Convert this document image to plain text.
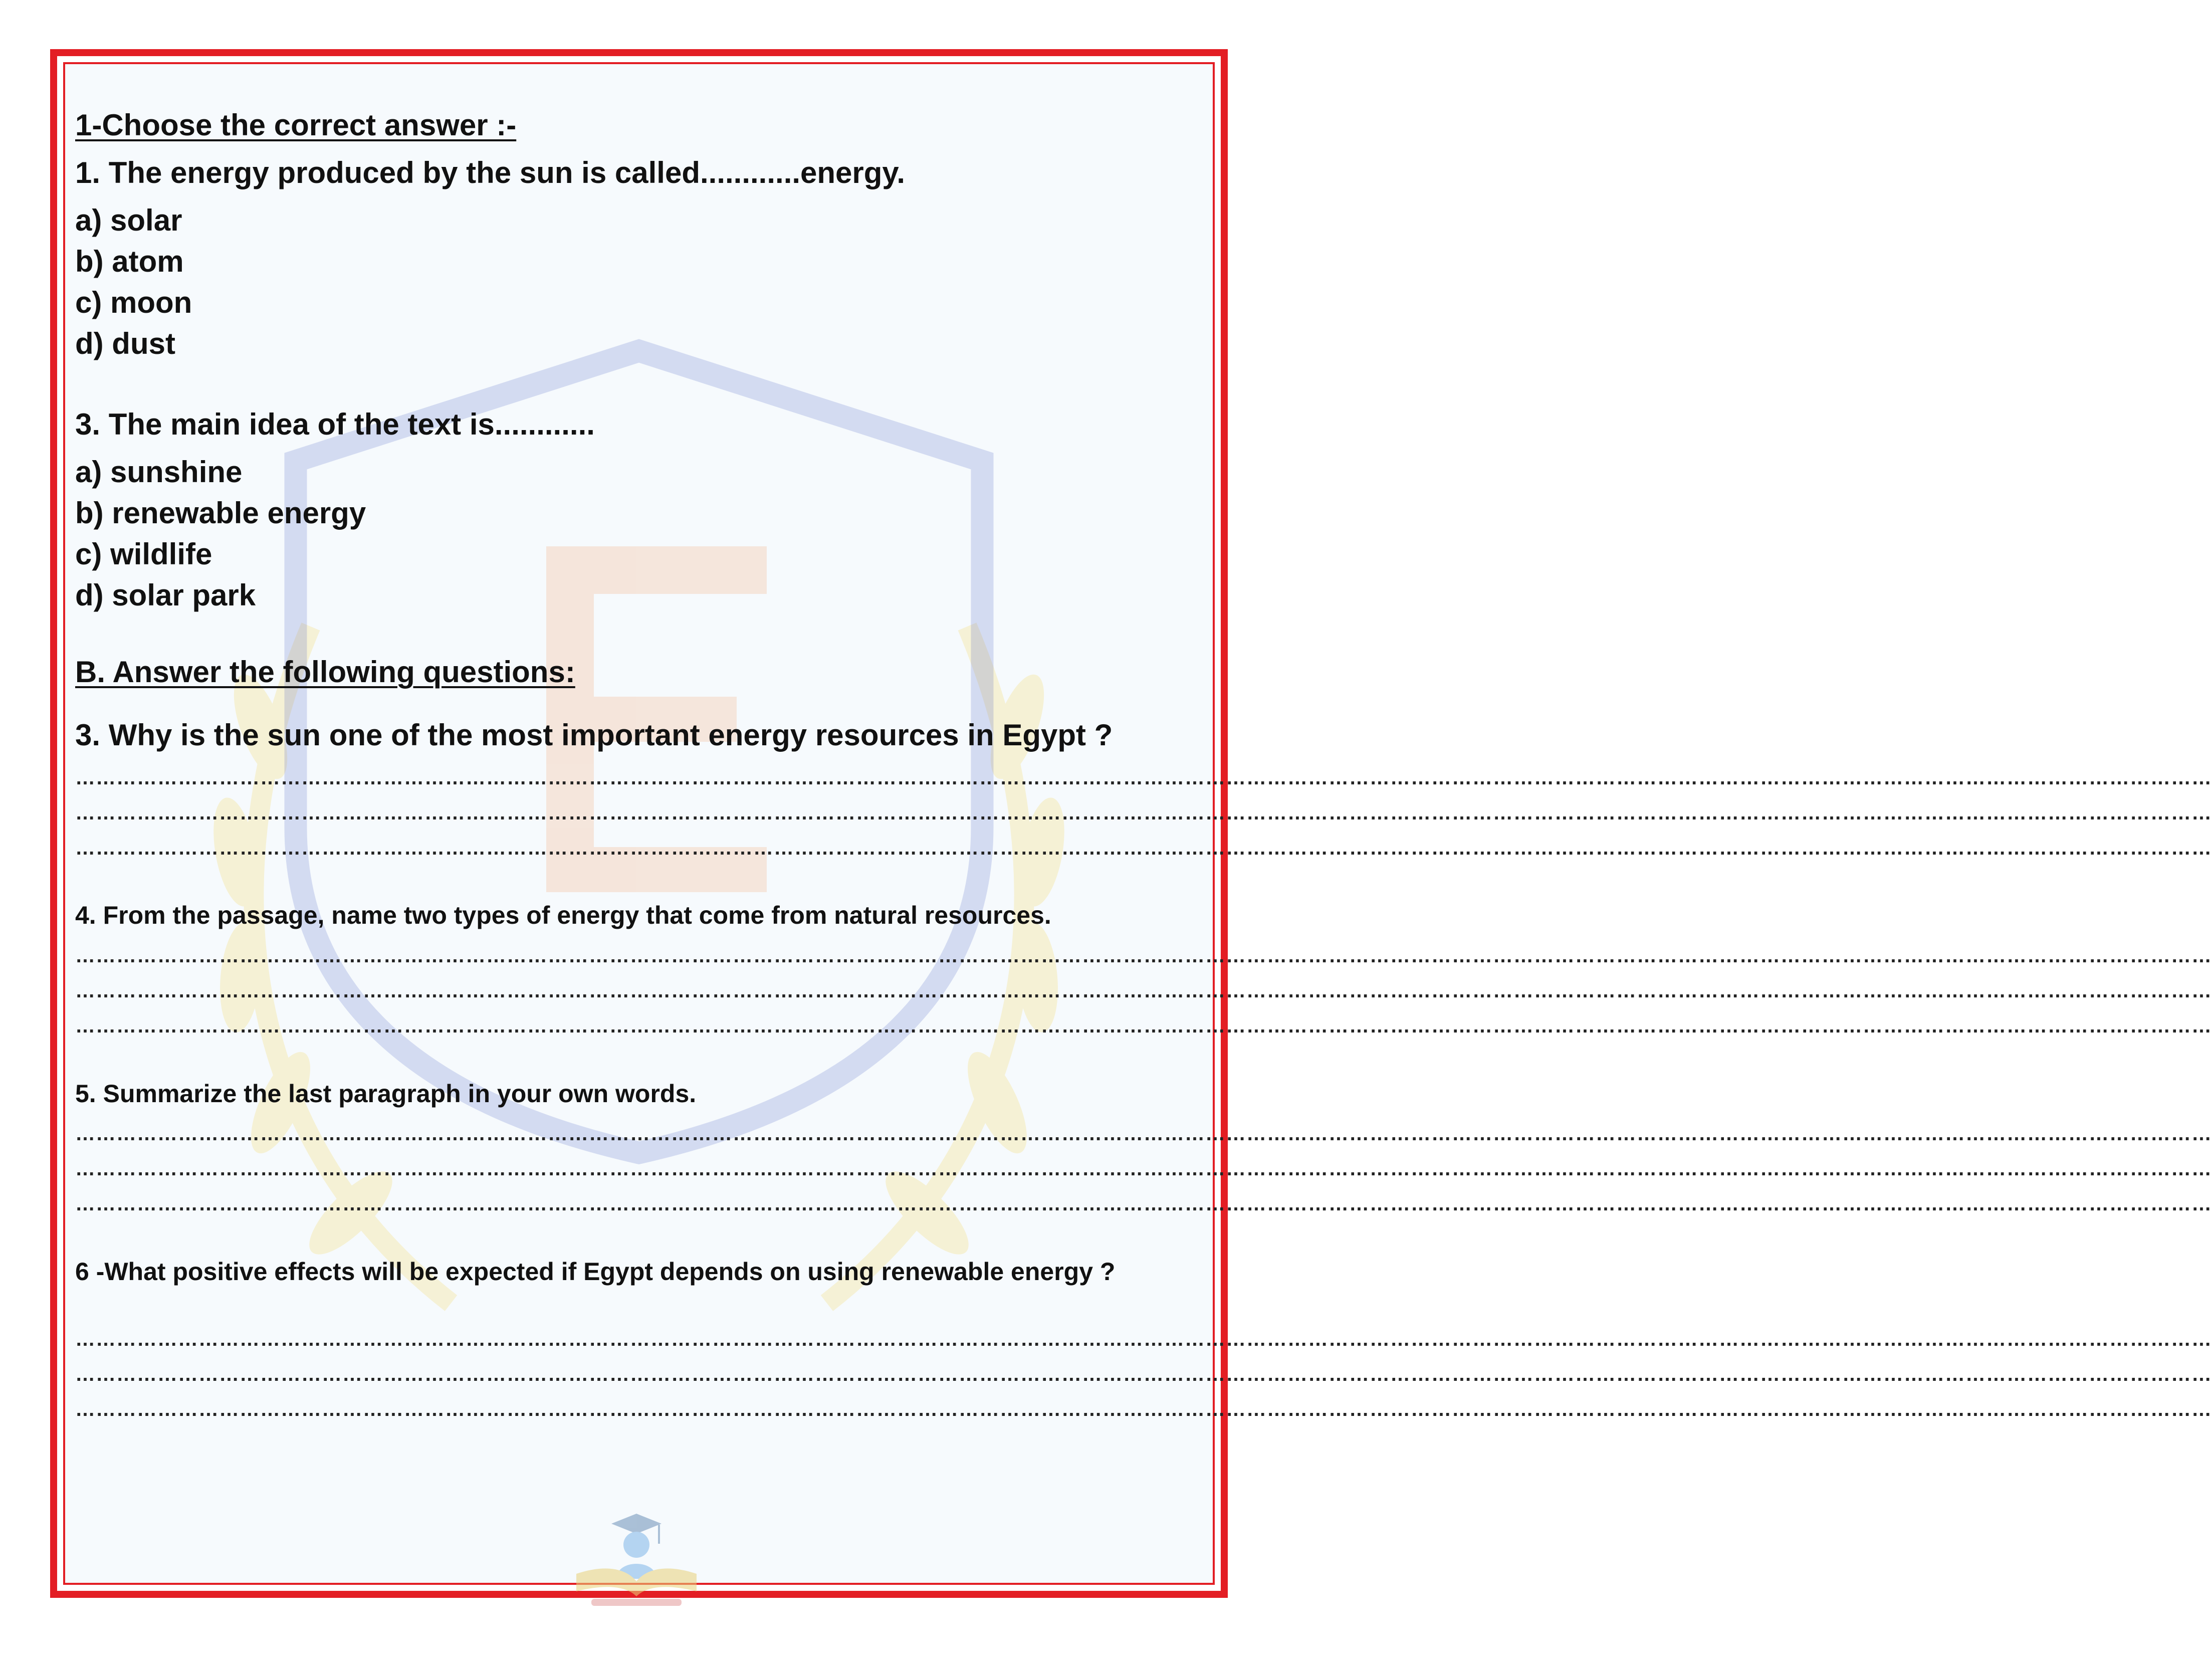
1-Choose the correct answer :-
1. The energy produced by the sun is called............energy.
a) solar
b) atom
c) moon
d) dust
3. The main idea of the text is............
a) sunshine
b) renewable energy
c) wildlife
d) solar park
B. Answer the following questions:
3. Why is the sun one of the most important energy resources in Egypt ?
……………………………………………………………………………………………………………………………………………………………………………………………………………………………………………………………………………………
……………………………………………………………………………………………………………………………………………………………………………………………………………………………………………………………………………………
……………………………………………………………………………………………………………………………………………………………………………………………………………………………………………………………………………………
4. From the passage, name two types of energy that come from natural resources.
……………………………………………………………………………………………………………………………………………………………………………………………………………………………………………………………………………………
……………………………………………………………………………………………………………………………………………………………………………………………………………………………………………………………………………………
……………………………………………………………………………………………………………………………………………………………………………………………………………………………………………………………………………………
5. Summarize the last paragraph in your own words.
……………………………………………………………………………………………………………………………………………………………………………………………………………………………………………………………………………………
……………………………………………………………………………………………………………………………………………………………………………………………………………………………………………………………………………………
……………………………………………………………………………………………………………………………………………………………………………………………………………………………………………………………………………………
6 -What positive effects will be expected if Egypt depends on using renewable energy ?
……………………………………………………………………………………………………………………………………………………………………………………………………………………………………………………………………………………
……………………………………………………………………………………………………………………………………………………………………………………………………………………………………………………………………………………
……………………………………………………………………………………………………………………………………………………………………………………………………………………………………………………………………………………
